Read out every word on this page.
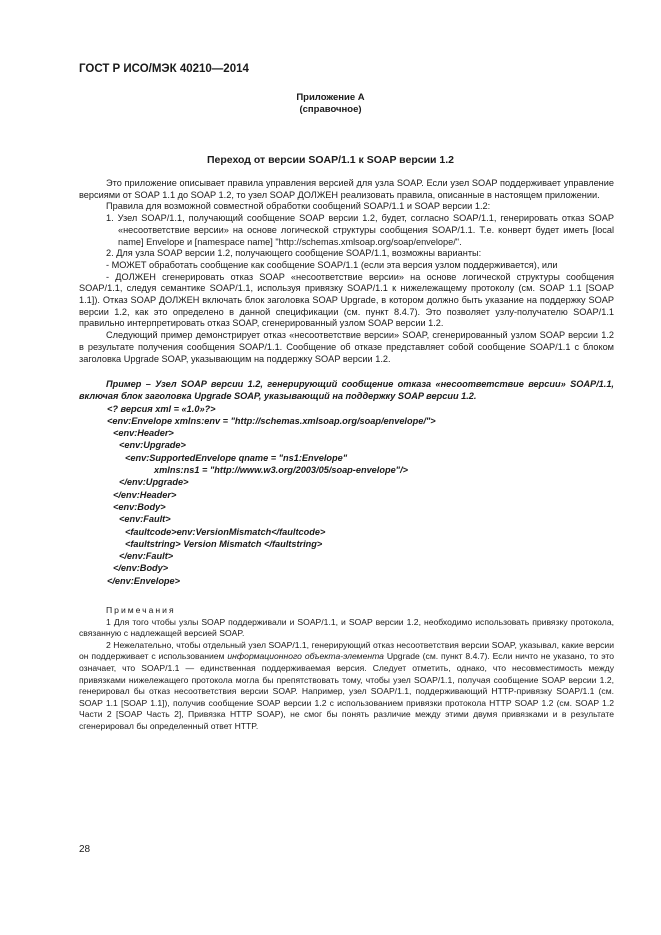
ГОСТ Р ИСО/МЭК 40210—2014
Приложение А
(справочное)
Переход от версии SOAP/1.1 к SOAP версии 1.2

Это приложение описывает правила управления версией для узла SOAP. Если узел SOAP поддерживает управление версиями от SOAP 1.1 до SOAP 1.2, то узел SOAP ДОЛЖЕН реализовать правила, описанные в настоящем приложении.

Правила для возможной совместной обработки сообщений SOAP/1.1 и SOAP версии 1.2:

1. Узел SOAP/1.1, получающий сообщение SOAP версии 1.2, будет, согласно SOAP/1.1, генерировать отказ SOAP «несоответствие версии» на основе логической структуры сообщения SOAP/1.1. Т.е. конверт будет иметь [local name] Envelope и [namespace name] "http://schemas.xmlsoap.org/soap/envelope/".

2. Для узла SOAP версии 1.2, получающего сообщение SOAP/1.1, возможны варианты:

- МОЖЕТ обработать сообщение как сообщение SOAP/1.1 (если эта версия узлом поддерживается), или

- ДОЛЖЕН сгенерировать отказ SOAP «несоответствие версии» на основе логической структуры сообщения SOAP/1.1, следуя семантике SOAP/1.1, используя привязку SOAP/1.1 к нижележащему протоколу (см. SOAP 1.1 [SOAP 1.1]). Отказ SOAP ДОЛЖЕН включать блок заголовка SOAP Upgrade, в котором должно быть указание на поддержку SOAP версии 1.2, как это определено в данной спецификации (см. пункт 8.4.7). Это позволяет узлу-получателю SOAP/1.1 правильно интерпретировать отказ SOAP, сгенерированный узлом SOAP версии 1.2.

Следующий пример демонстрирует отказ «несоответствие версии» SOAP, сгенерированный узлом SOAP версии 1.2 в результате получения сообщения SOAP/1.1. Сообщение об отказе представляет собой сообщение SOAP/1.1 с блоком заголовка Upgrade SOAP, указывающим на поддержку SOAP версии 1.2.

Пример – Узел SOAP версии 1.2, генерирующий сообщение отказа «несоответствие версии» SOAP/1.1, включая блок заголовка Upgrade SOAP, указывающий на поддержку SOAP версии 1.2.

<? версия xml = «1.0»?>
<env:Envelope xmlns:env = "http://schemas.xmlsoap.org/soap/envelope/">
<env:Header>
<env:Upgrade>
<env:SupportedEnvelope qname = "ns1:Envelope"
xmlns:ns1 = "http://www.w3.org/2003/05/soap-envelope"/>
</env:Upgrade>
</env:Header>
<env:Body>
<env:Fault>
<faultcode>env:VersionMismatch</faultcode>
<faultstring> Version Mismatch </faultstring>
</env:Fault>
</env:Body>
</env:Envelope>

Примечания

1 Для того чтобы узлы SOAP поддерживали и SOAP/1.1, и SOAP версии 1.2, необходимо использовать привязку протокола, связанную с надлежащей версией SOAP.

2 Нежелательно, чтобы отдельный узел SOAP/1.1, генерирующий отказ несоответствия версии SOAP, указывал, какие версии он поддерживает с использованием информационного объекта-элемента Upgrade (см. пункт 8.4.7). Если ничто не указано, то это означает, что SOAP/1.1 — единственная поддерживаемая версия. Следует отметить, однако, что несовместимость между привязками нижележащего протокола могла бы препятствовать тому, чтобы узел SOAP/1.1, получая сообщение SOAP версии 1.2, генерировал бы отказ несоответствия версии SOAP. Например, узел SOAP/1.1, поддерживающий HTTP-привязку SOAP/1.1 (см. SOAP 1.1 [SOAP 1.1]), получив сообщение SOAP версии 1.2 с использованием привязки протокола HTTP SOAP 1.2 (см. SOAP 1.2 Части 2 [SOAP Часть 2], Привязка HTTP SOAP), не смог бы понять различие между этими двумя привязками и в результате сгенерировал бы определенный ответ HTTP.

28
